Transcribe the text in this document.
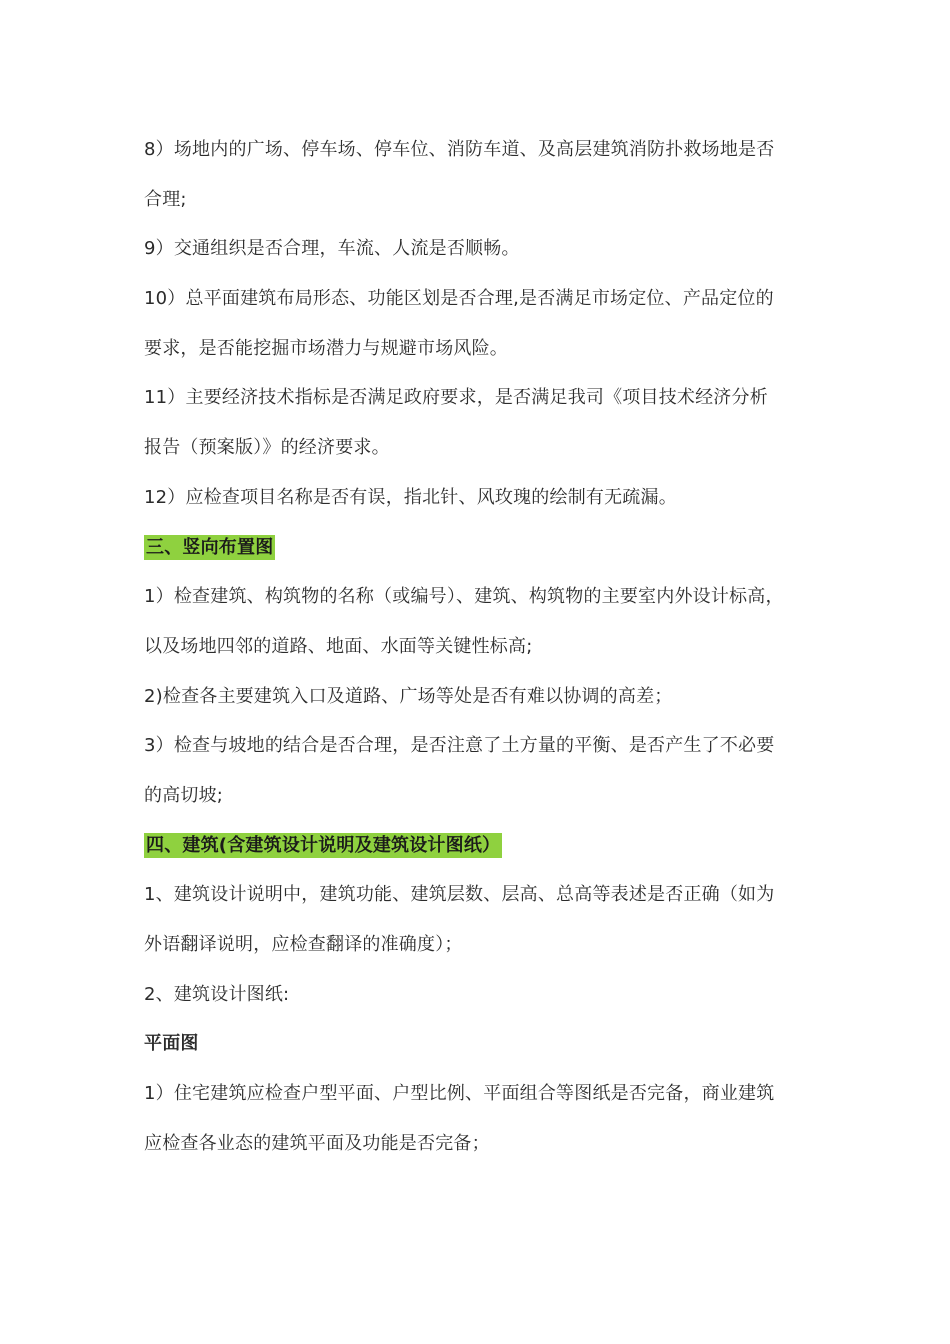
8）场地内的广场、停车场、停车位、消防车道、及高层建筑消防扑救场地是否
合理;
9）交通组织是否合理，车流、人流是否顺畅。
10）总平面建筑布局形态、功能区划是否合理,是否满足市场定位、产品定位的
要求，是否能挖掘市场潜力与规避市场风险。
11）主要经济技术指标是否满足政府要求，是否满足我司《项目技术经济分析
报告（预案版）》的经济要求。
12）应检查项目名称是否有误，指北针、风玫瑰的绘制有无疏漏。
三、竖向布置图
1）检查建筑、构筑物的名称（或编号）、建筑、构筑物的主要室内外设计标高，
以及场地四邻的道路、地面、水面等关键性标高;
2)检查各主要建筑入口及道路、广场等处是否有难以协调的高差；
3）检查与坡地的结合是否合理，是否注意了土方量的平衡、是否产生了不必要
的高切坡;
四、建筑(含建筑设计说明及建筑设计图纸）
1、建筑设计说明中，建筑功能、建筑层数、层高、总高等表述是否正确（如为
外语翻译说明，应检查翻译的准确度）；
2、建筑设计图纸:
平面图
1）住宅建筑应检查户型平面、户型比例、平面组合等图纸是否完备，商业建筑
应检查各业态的建筑平面及功能是否完备；
